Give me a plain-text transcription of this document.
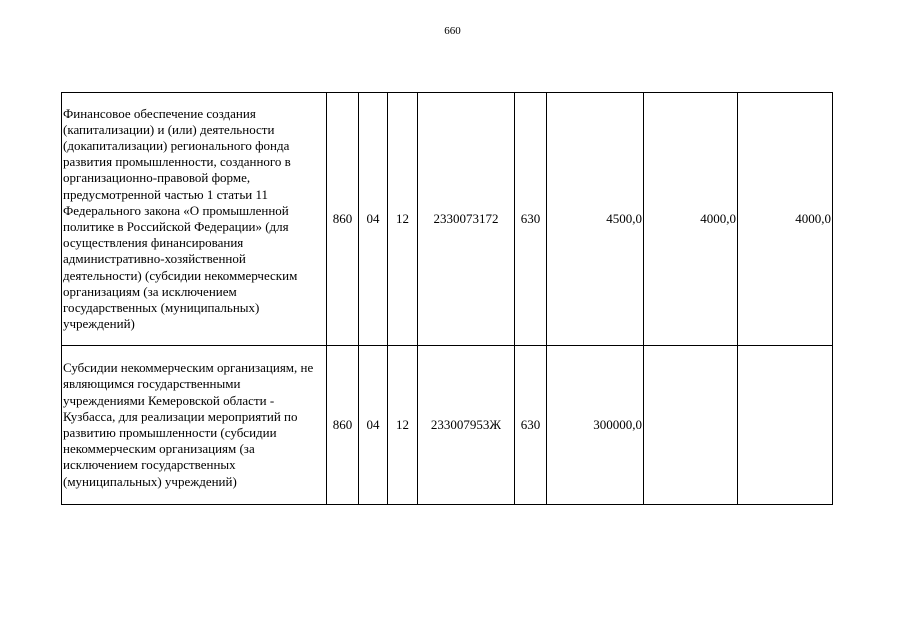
660
Финансовое обеспечение создания (капитализации) и (или) деятельности (докапитализации) регионального фонда развития промышленности, созданного в организационно-правовой форме, предусмотренной частью 1 статьи 11 Федерального закона «О промышленной политике в Российской Федерации» (для осуществления финансирования административно-хозяйственной деятельности) (субсидии некоммерческим организациям (за исключением государственных (муниципальных) учреждений)	860	04	12	2330073172	630	4500,0	4000,0	4000,0
Субсидии некоммерческим организациям, не являющимся государственными учреждениями Кемеровской области - Кузбасса, для реализации мероприятий по развитию промышленности (субсидии некоммерческим организациям (за исключением государственных (муниципальных) учреждений)	860	04	12	233007953Ж	630	300000,0		
